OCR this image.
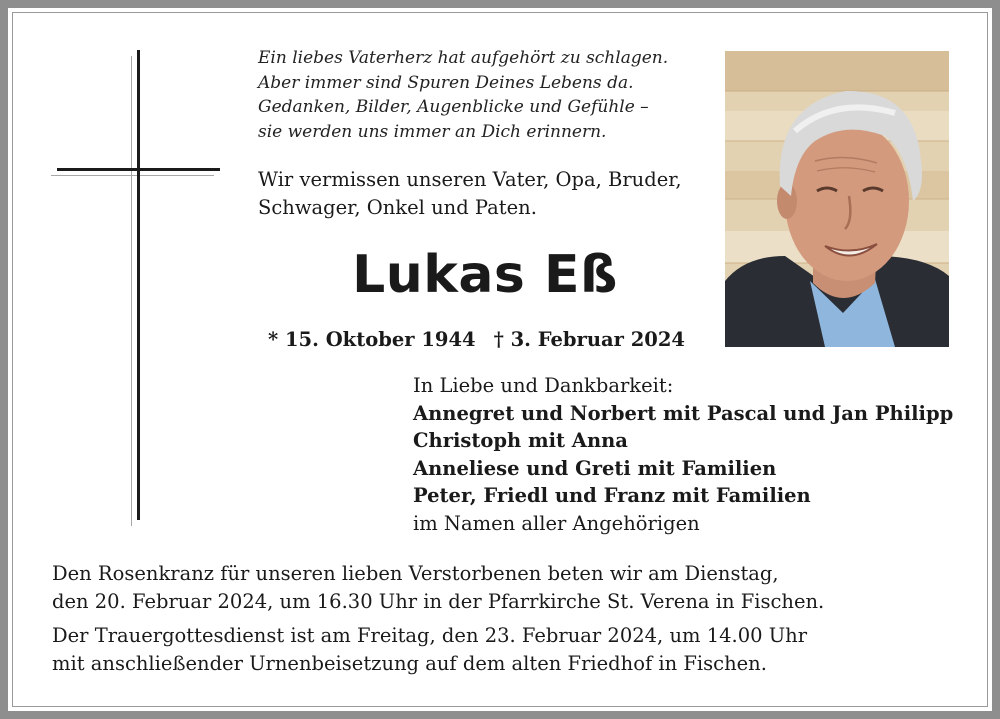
Ein liebes Vaterherz hat aufgehört zu schlagen.
Aber immer sind Spuren Deines Lebens da.
Gedanken, Bilder, Augenblicke und Gefühle –
sie werden uns immer an Dich erinnern.
Wir vermissen unseren Vater, Opa, Bruder,
Schwager, Onkel und Paten.
Lukas Eß
* 15. Oktober 1944 † 3. Februar 2024
In Liebe und Dankbarkeit:
Annegret und Norbert mit Pascal und Jan Philipp
Christoph mit Anna
Anneliese und Greti mit Familien
Peter, Friedl und Franz mit Familien
im Namen aller Angehörigen
Den Rosenkranz für unseren lieben Verstorbenen beten wir am Dienstag,
den 20. Februar 2024, um 16.30 Uhr in der Pfarrkirche St. Verena in Fischen.
Der Trauergottesdienst ist am Freitag, den 23. Februar 2024, um 14.00 Uhr
mit anschließender Urnenbeisetzung auf dem alten Friedhof in Fischen.
